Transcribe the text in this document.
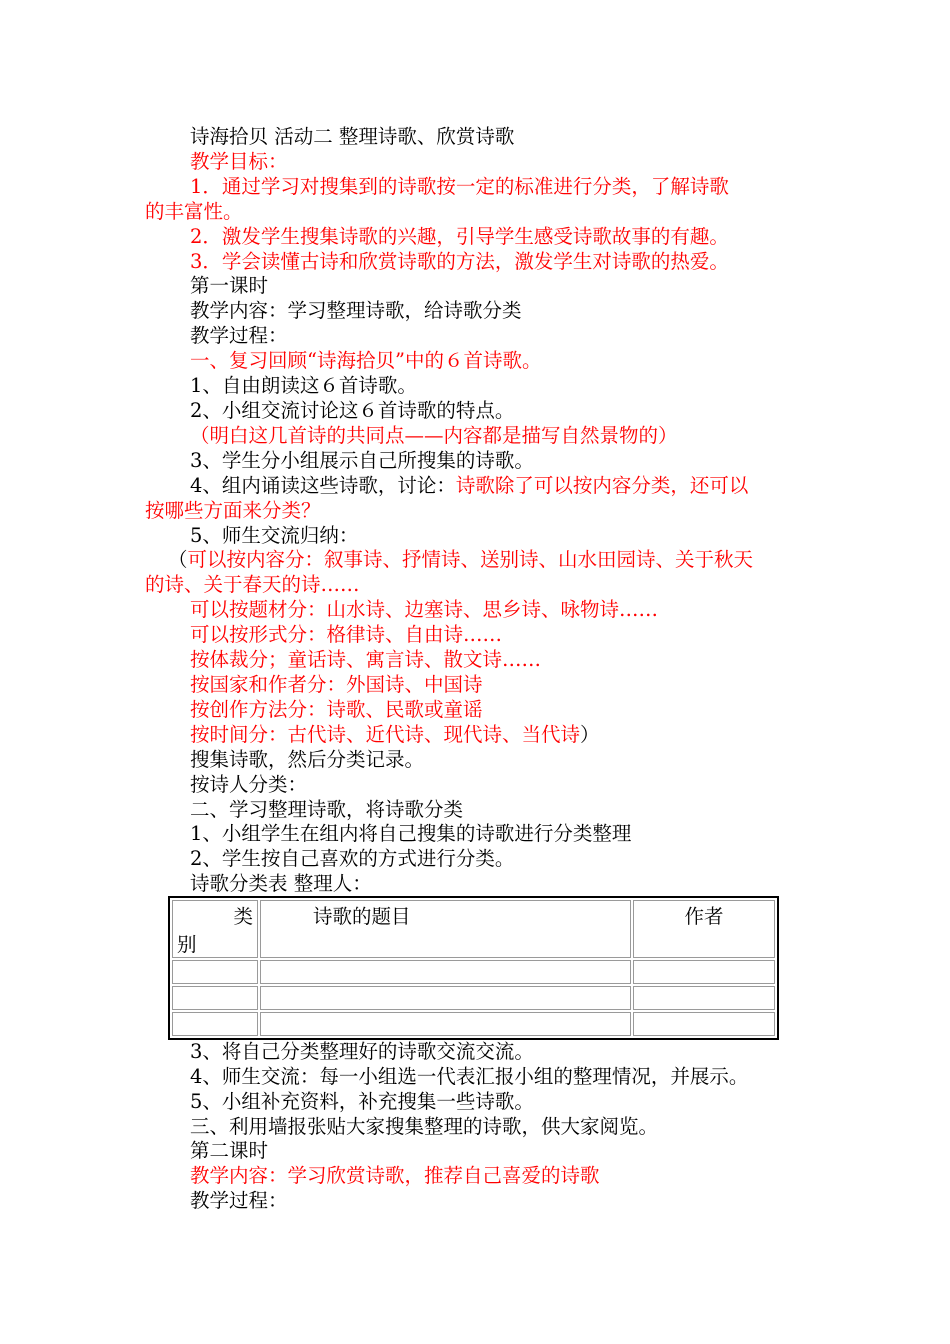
诗海拾贝 活动二 整理诗歌、欣赏诗歌
教学目标：
1．通过学习对搜集到的诗歌按一定的标准进行分类，了解诗歌
的丰富性。
2．激发学生搜集诗歌的兴趣，引导学生感受诗歌故事的有趣。
3．学会读懂古诗和欣赏诗歌的方法，激发学生对诗歌的热爱。
第一课时
教学内容：学习整理诗歌，给诗歌分类
教学过程：
一、复习回顾“诗海拾贝”中的６首诗歌。
1、自由朗读这６首诗歌。
2、小组交流讨论这６首诗歌的特点。
（明白这几首诗的共同点——内容都是描写自然景物的）
3、学生分小组展示自己所搜集的诗歌。
4、组内诵读这些诗歌，讨论：诗歌除了可以按内容分类，还可以
按哪些方面来分类？
5、师生交流归纳：
（可以按内容分：叙事诗、抒情诗、送别诗、山水田园诗、关于秋天
的诗、关于春天的诗……
可以按题材分：山水诗、边塞诗、思乡诗、咏物诗……
可以按形式分：格律诗、自由诗……
按体裁分；童话诗、寓言诗、散文诗……
按国家和作者分：外国诗、中国诗
按创作方法分：诗歌、民歌或童谣
按时间分：古代诗、近代诗、现代诗、当代诗）
搜集诗歌，然后分类记录。
按诗人分类：
二、学习整理诗歌，将诗歌分类
1、小组学生在组内将自己搜集的诗歌进行分类整理
2、学生按自己喜欢的方式进行分类。
诗歌分类表 整理人：
类
别	诗歌的题目	作者

3、将自己分类整理好的诗歌交流交流。
4、师生交流：每一小组选一代表汇报小组的整理情况，并展示。
5、小组补充资料，补充搜集一些诗歌。
三、利用墙报张贴大家搜集整理的诗歌，供大家阅览。
第二课时
教学内容：学习欣赏诗歌，推荐自己喜爱的诗歌
教学过程：
